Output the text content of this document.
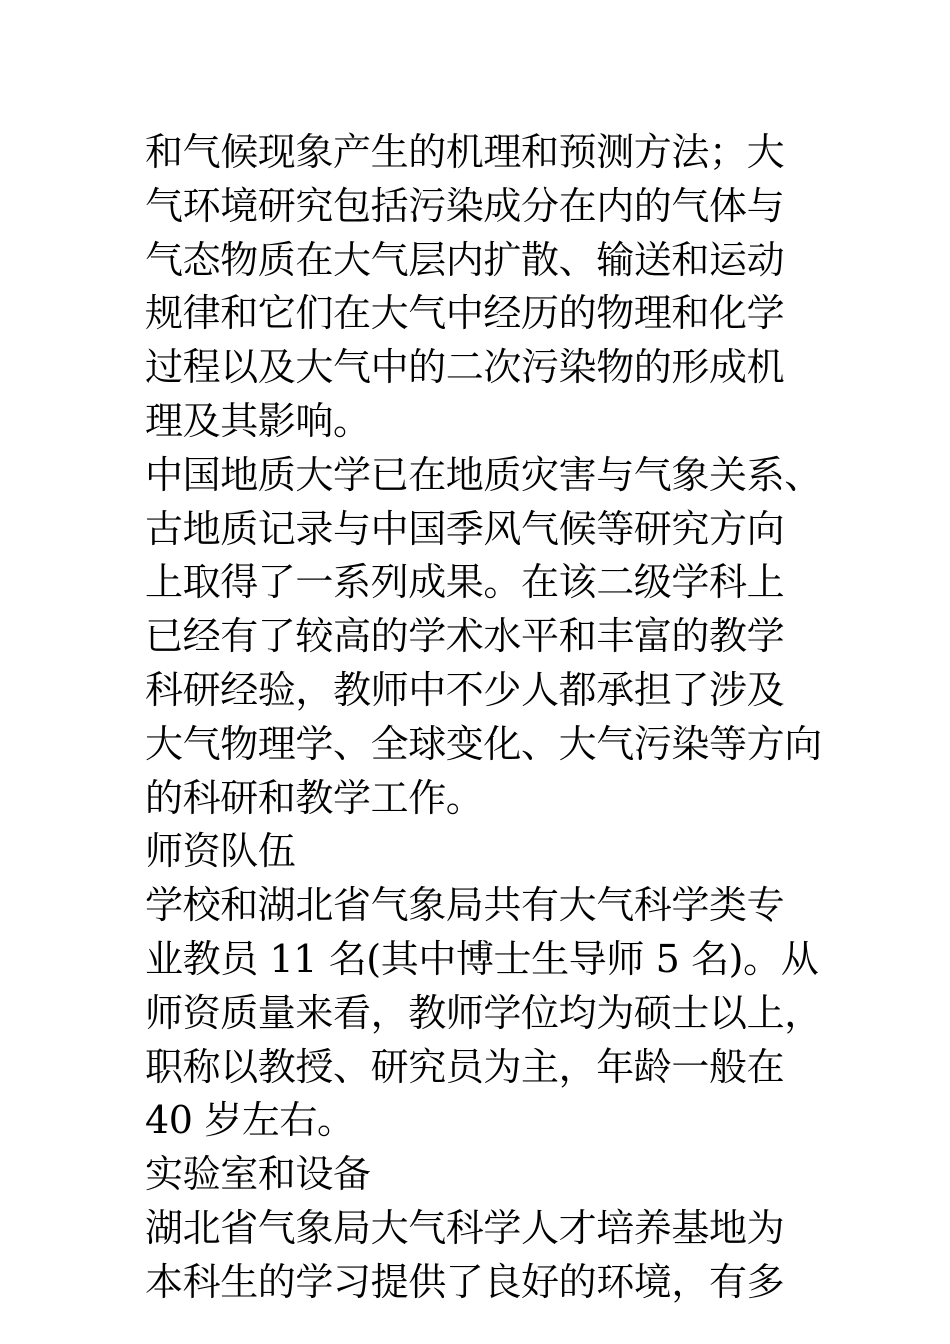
和气候现象产生的机理和预测方法；大
气环境研究包括污染成分在内的气体与
气态物质在大气层内扩散、输送和运动
规律和它们在大气中经历的物理和化学
过程以及大气中的二次污染物的形成机
理及其影响。
中国地质大学已在地质灾害与气象关系、
古地质记录与中国季风气候等研究方向
上取得了一系列成果。在该二级学科上
已经有了较高的学术水平和丰富的教学
科研经验，教师中不少人都承担了涉及
大气物理学、全球变化、大气污染等方向
的科研和教学工作。
师资队伍
学校和湖北省气象局共有大气科学类专
业教员 11 名(其中博士生导师 5 名)。从
师资质量来看，教师学位均为硕士以上，
职称以教授、研究员为主，年龄一般在
40 岁左右。
实验室和设备
湖北省气象局大气科学人才培养基地为
本科生的学习提供了良好的环境，有多
